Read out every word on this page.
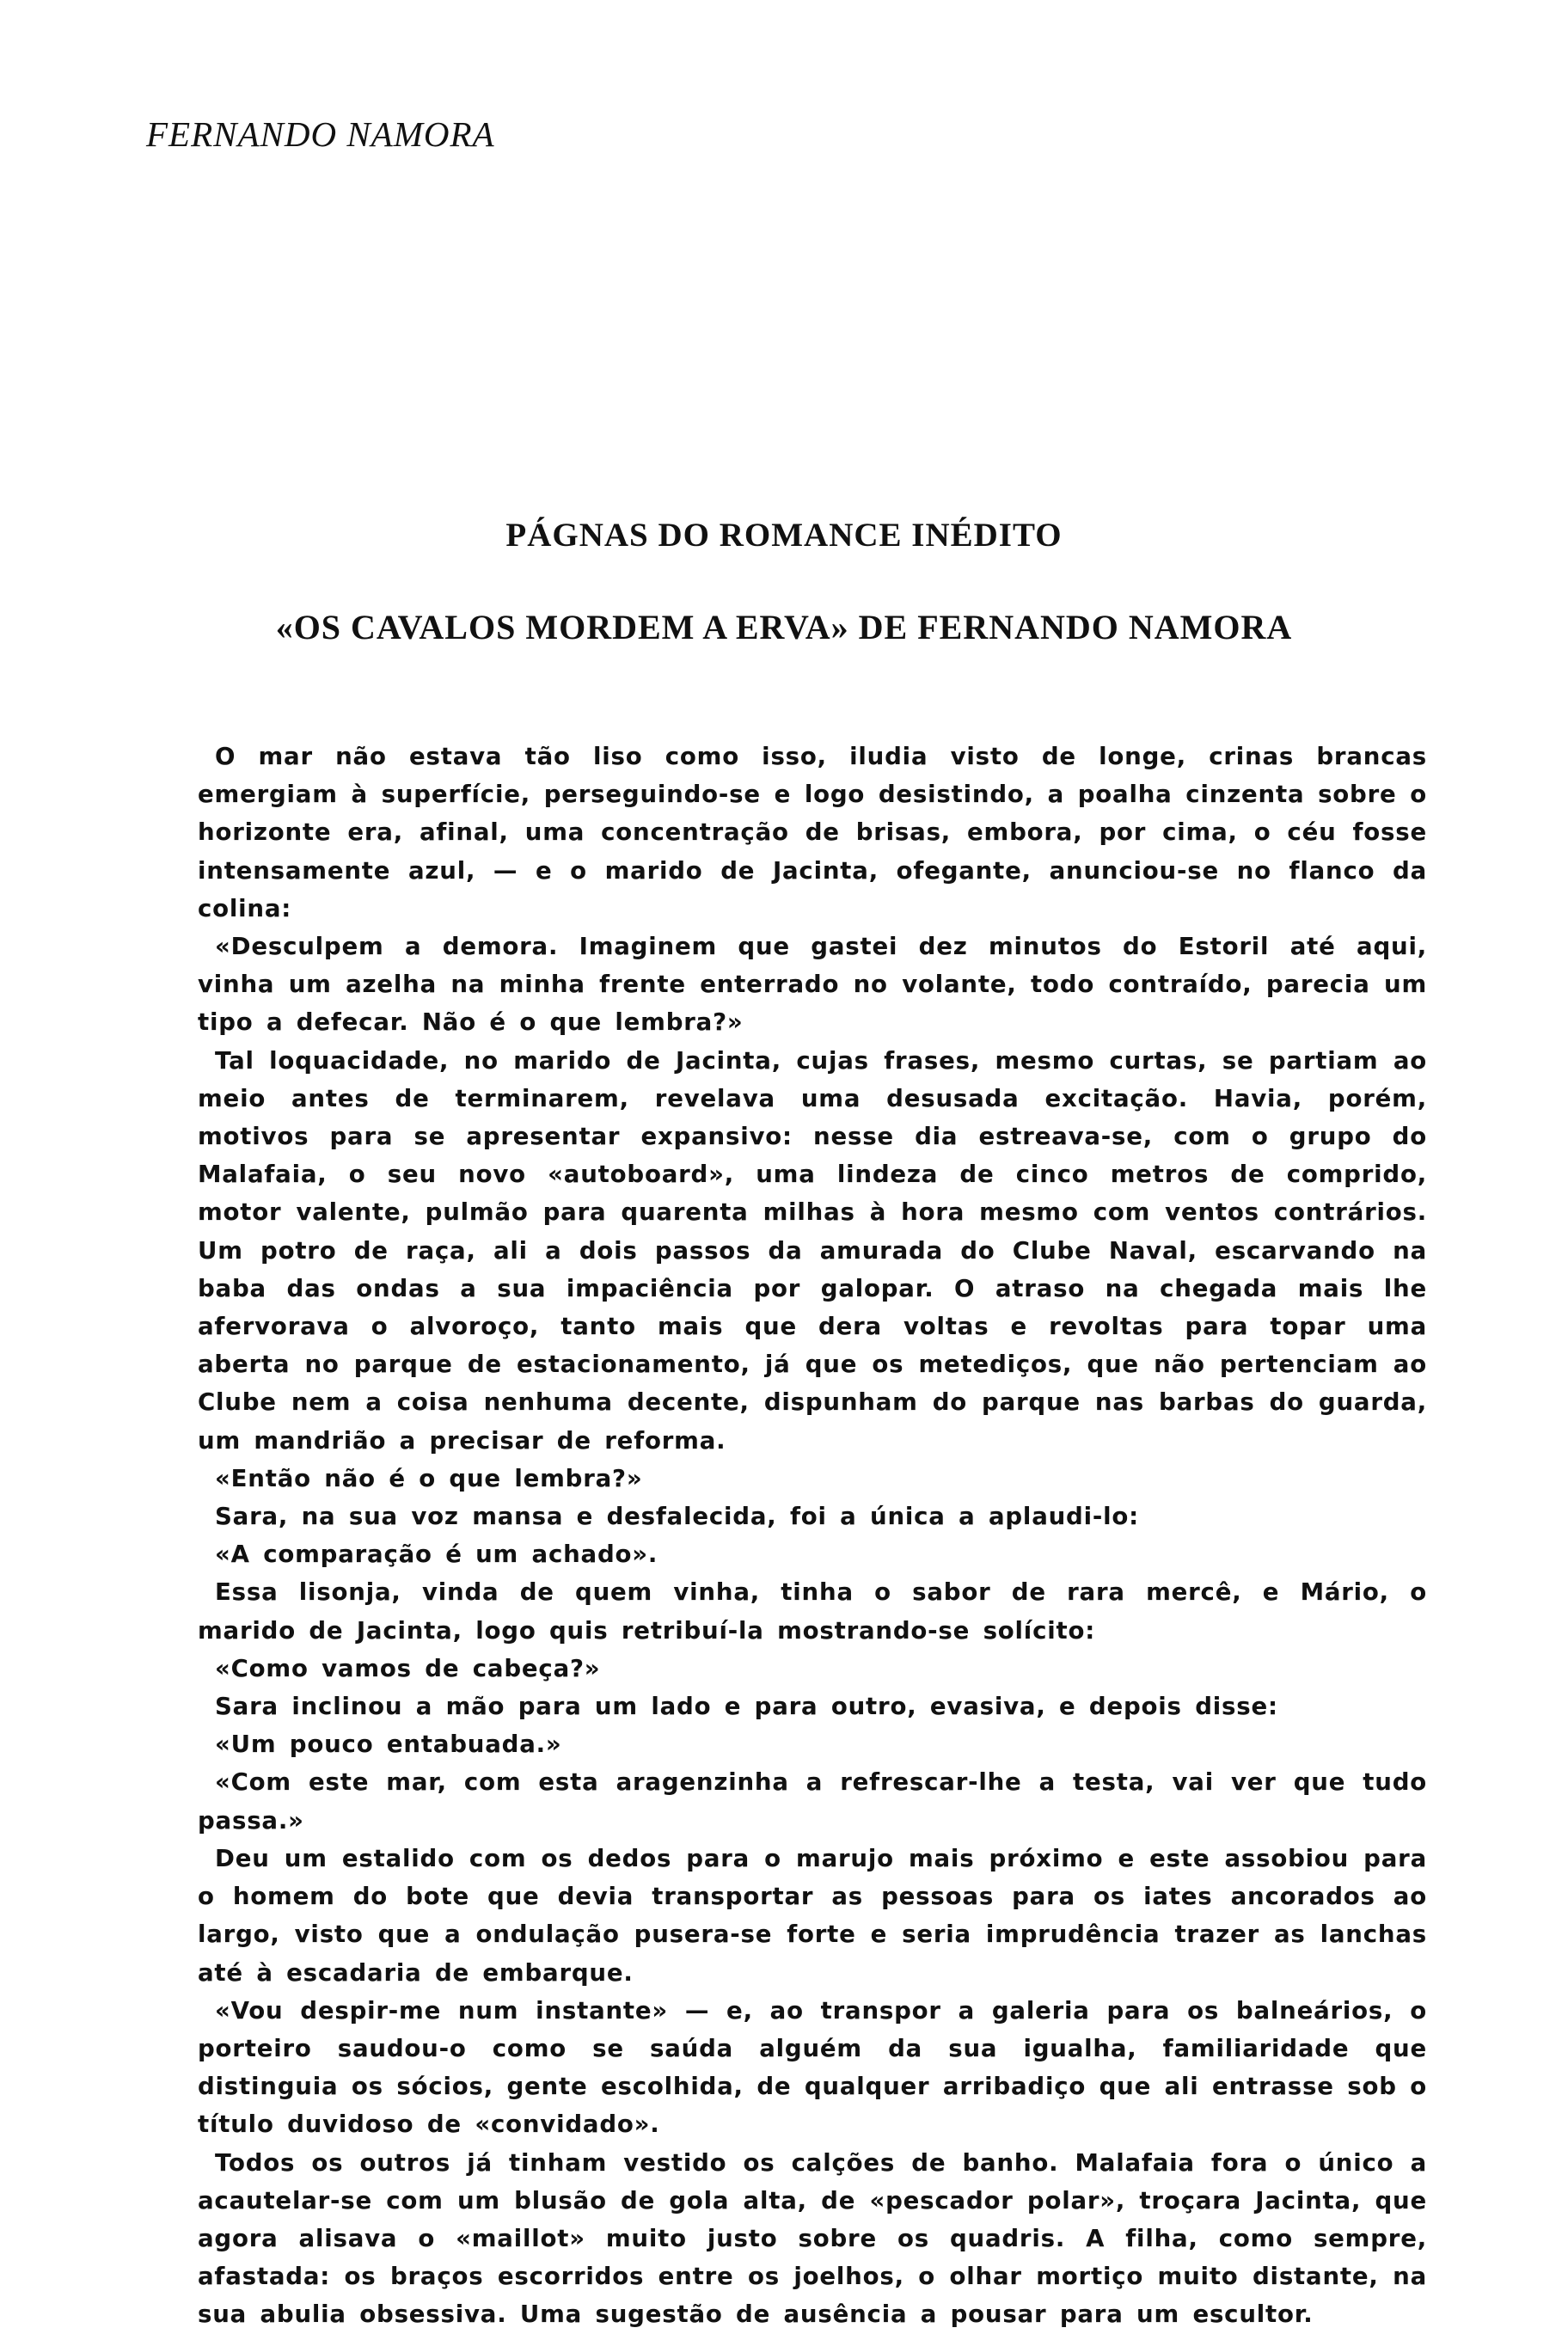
FERNANDO NAMORA
PÁGNAS DO ROMANCE INÉDITO
«OS CAVALOS MORDEM A ERVA» DE FERNANDO NAMORA

O mar não estava tão liso como isso, iludia visto de longe, crinas brancas emergiam à superfície, perseguindo-se e logo desistindo, a poalha cinzenta sobre o horizonte era, afinal, uma concentração de brisas, embora, por cima, o céu fosse intensamente azul, — e o marido de Jacinta, ofegante, anunciou-se no flanco da colina:

«Desculpem a demora. Imaginem que gastei dez minutos do Estoril até aqui, vinha um azelha na minha frente enterrado no volante, todo contraído, parecia um tipo a defecar. Não é o que lembra?»

Tal loquacidade, no marido de Jacinta, cujas frases, mesmo curtas, se partiam ao meio antes de terminarem, revelava uma desusada excitação. Havia, porém, motivos para se apresentar expansivo: nesse dia estreava-se, com o grupo do Malafaia, o seu novo «autoboard», uma lindeza de cinco metros de comprido, motor valente, pulmão para quarenta milhas à hora mesmo com ventos contrários. Um potro de raça, ali a dois passos da amurada do Clube Naval, escarvando na baba das ondas a sua impaciência por galopar. O atraso na chegada mais lhe afervorava o alvoroço, tanto mais que dera voltas e revoltas para topar uma aberta no parque de estacionamento, já que os metediços, que não pertenciam ao Clube nem a coisa nenhuma decente, dispunham do parque nas barbas do guarda, um mandrião a precisar de reforma.

«Então não é o que lembra?»

Sara, na sua voz mansa e desfalecida, foi a única a aplaudi-lo:

«A comparação é um achado».

Essa lisonja, vinda de quem vinha, tinha o sabor de rara mercê, e Mário, o marido de Jacinta, logo quis retribuí-la mostrando-se solícito:

«Como vamos de cabeça?»

Sara inclinou a mão para um lado e para outro, evasiva, e depois disse:

«Um pouco entabuada.»

«Com este mar, com esta aragenzinha a refrescar-lhe a testa, vai ver que tudo passa.»

Deu um estalido com os dedos para o marujo mais próximo e este assobiou para o homem do bote que devia transportar as pessoas para os iates ancorados ao largo, visto que a ondulação pusera-se forte e seria imprudência trazer as lanchas até à escadaria de embarque.

«Vou despir-me num instante» — e, ao transpor a galeria para os balneários, o porteiro saudou-o como se saúda alguém da sua igualha, familiaridade que distinguia os sócios, gente escolhida, de qualquer arribadiço que ali entrasse sob o título duvidoso de «convidado».

Todos os outros já tinham vestido os calções de banho. Malafaia fora o único a acautelar-se com um blusão de gola alta, de «pescador polar», troçara Jacinta, que agora alisava o «maillot» muito justo sobre os quadris. A filha, como sempre, afastada: os braços escorridos entre os joelhos, o olhar mortiço muito distante, na sua abulia obsessiva. Uma sugestão de ausência a pousar para um escultor.
